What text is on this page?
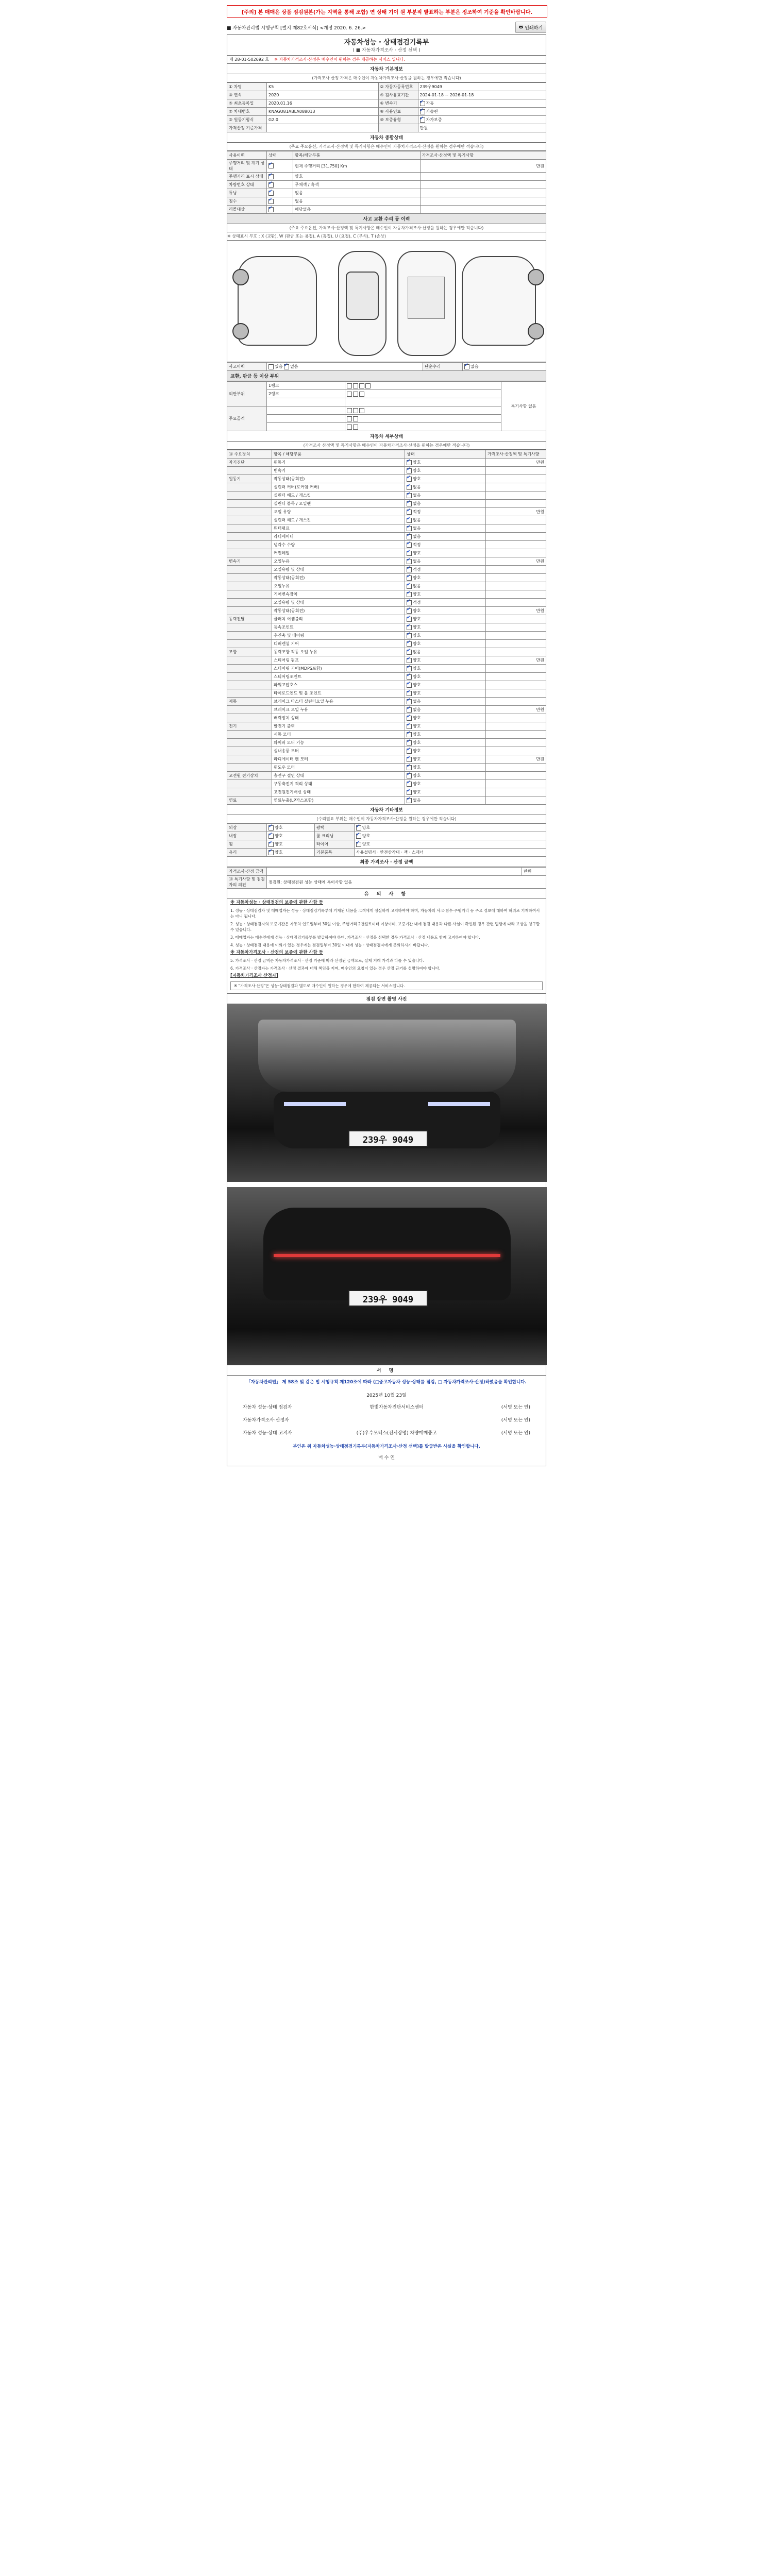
[주의] 본 매매은 상품 점검원본(가는 지역을 통해 조합) 연 상태 기이 원 부분적 발표하는 부분은 정조하여 기준을 확인바랍니다.
■ 자동차관리법 시행규칙 [별지 제82호서식] <개정 2020. 6. 26.>	🖶 인쇄하기
자동차성능 · 상태점검기록부
( ■ 자동차가격조사 · 산정 선택 )
제 28-01-502692 호 ※ 자동차가격조사·산정은 매수인이 원하는 경우 제공하는 서비스 입니다.
자동차 기본정보
(가격조사 산정 가격은 매수인이 자동차가격조사·산정을 원하는 경우에만 적습니다)
① 차명	K5	② 자동차등록번호	239우9049
③ 연식	2020	④ 검사유효기간	2024-01-18 ~ 2026-01-18
⑤ 최초등록일	2020.01.16	⑥ 변속기	✔자동
⑦ 차대번호	KNAGU81ABLA088013	⑧ 사용연료	✔가솔린
⑨ 원동기형식	G2.0	⑩ 보증유형	✔자가보증
가격산정 기준가격			만원
자동차 종합상태
(주요 주요옵션, 가격조사·산정액 및 특기사항은 매수인이 자동차가격조사·산정을 원하는 경우에만 적습니다)
사용이력	상태	항목/해당부품	가격조사·산정액 및 특기사항
주행거리 및 계기 상태	✔	현재 주행거리 [31,750] Km	만원
주행거리 표시 상태	✔	양호	
차량번호 상태	✔	무채색 / 흑색	
튜닝	✔	없음	
침수	✔	없음	
리콜대상	✔	해당없음	
사고 교환 수리 등 이력
(주요 주요옵션, 가격조사·산정액 및 특기사항은 매수인이 자동차가격조사·산정을 원하는 경우에만 적습니다)
※ 상태표시 부호 : X (교환), W (판금 또는 용접), A (흠집), U (요철), C (부식), T (손상)
사고이력	있음 ✔없음	단순수리	✔없음
교환, 판금 등 이상 부위
외판부위	1랭크		특기사항 없음
	2랭크		

주요골격			

자동차 세부상태
(가격조사 산정액 및 특기사항은 매수인이 자동차가격조사·산정을 원하는 경우에만 적습니다)
⑪ 주요장치	항목 / 해당부품	상태	가격조사·산정액 및 특기사항
자기진단	원동기	✔양호	만원
	변속기	✔양호	
원동기	작동상태(공회전)	✔양호	
	실린더 커버(로커암 커버)	✔없음	
	실린더 헤드 / 개스킷	✔없음	
	실린더 블록 / 오일팬	✔없음	
	오일 유량	✔적정	만원
	실린더 헤드 / 개스킷	✔없음	
	워터펌프	✔없음	
	라디에이터	✔없음	
	냉각수 수량	✔적정	
	커먼레일	✔양호	
변속기	오일누유	✔없음	만원
	오일유량 및 상태	✔적정	
	작동상태(공회전)	✔양호	
	오일누유	✔없음	
	기어변속장치	✔양호	
	오일유량 및 상태	✔적정	
	작동상태(공회전)	✔양호	만원
동력전달	클러치 어셈블리	✔양호	
	등속조인트	✔양호	
	추진축 및 베어링	✔양호	
	디퍼렌셜 기어	✔양호	
조향	동력조향 작동 오일 누유	✔없음	
	스티어링 펌프	✔양호	만원
	스티어링 기어(MDPS포함)	✔양호	
	스티어링조인트	✔양호	
	파워고압호스	✔양호	
	타이로드엔드 및 볼 조인트	✔양호	
제동	브레이크 마스터 실린더오일 누유	✔없음	
	브레이크 오일 누유	✔없음	만원
	배력장치 상태	✔양호	
전기	발전기 출력	✔양호	
	시동 모터	✔양호	
	와이퍼 모터 기능	✔양호	
	실내송풍 모터	✔양호	
	라디에이터 팬 모터	✔양호	만원
	윈도우 모터	✔양호	
고전원 전기장치	충전구 절연 상태	✔양호	
	구동축전지 격리 상태	✔양호	
	고전원전기배선 상태	✔양호	
연료	연료누출(LP가스포함)	✔없음	
자동차 기타정보
(수리필요 부위는 매수인이 자동차가격조사·산정을 원하는 경우에만 적습니다)
외장	✔양호	광택	✔양호
내장	✔양호	룸 크리닝	✔양호
휠	✔양호	타이어	✔양호
유리	✔양호	기본품목	사용설명서 · 안전삼각대 · 잭 · 스패너
최종 가격조사 · 산정 금액
가격조사·산정 금액		만원
⑫ 특기사항 및 점검자의 의견	점검원: 상태점검원 성능 상태에 특이사항 없음	
유 의 사 항
※ 자동차성능 · 상태점검의 보증에 관한 사항 등
1. 성능 · 상태점검자 및 매매업자는 성능 · 상태점검기록부에 기재된 내용을 고객에게 성실하게 고지하여야 하며, 자동차의 사고·침수·주행거리 등 주요 정보에 대하여 허위로 기재하여서는 아니 됩니다.
2. 성능 · 상태점검자의 보증기간은 자동차 인도일부터 30일 이상, 주행거리 2천킬로미터 이상이며, 보증기간 내에 점검 내용과 다른 사실이 확인된 경우 관련 법령에 따라 보상을 청구할 수 있습니다.
3. 매매업자는 매수인에게 성능 · 상태점검기록부를 발급하여야 하며, 가격조사 · 산정을 선택한 경우 가격조사 · 산정 내용도 함께 고지하여야 합니다.
4. 성능 · 상태점검 내용에 이의가 있는 경우에는 점검일부터 30일 이내에 성능 · 상태점검자에게 문의하시기 바랍니다.
※ 자동차가격조사 · 산정의 보증에 관한 사항 등
5. 가격조사 · 산정 금액은 자동차가격조사 · 산정 기준에 따라 산정된 금액으로, 실제 거래 가격과 다를 수 있습니다.
6. 가격조사 · 산정자는 가격조사 · 산정 결과에 대해 책임을 지며, 매수인의 요청이 있는 경우 산정 근거를 설명하여야 합니다.
[자동차가격조사 산정자]
※ "가격조사·산정"은 성능·상태점검과 별도로 매수인이 원하는 경우에 한하여 제공되는 서비스입니다.
점검 장면 촬영 사진
239우 9049
239우 9049
서 명
「자동차관리법」 제 58조 및 같은 법 시행규칙 제120조에 따라 (□중고자동차 성능·상태를 점검, □ 자동차가격조사·산정)하였음을 확인합니다.
2025년 10월 23일
자동차 성능·상태 점검자	한빛자동차진단서비스센터	(서명 또는 인)
자동차가격조사·산정자	(서명 또는 인)
자동차 성능·상태 고지자	(주)우수모터스(전시장명) 차량매매중고	(서명 또는 인)
본인은 위 자동차성능·상태점검기록부(자동차가격조사·산정 선택)를 발급받은 사실을 확인합니다.
매 수 인
